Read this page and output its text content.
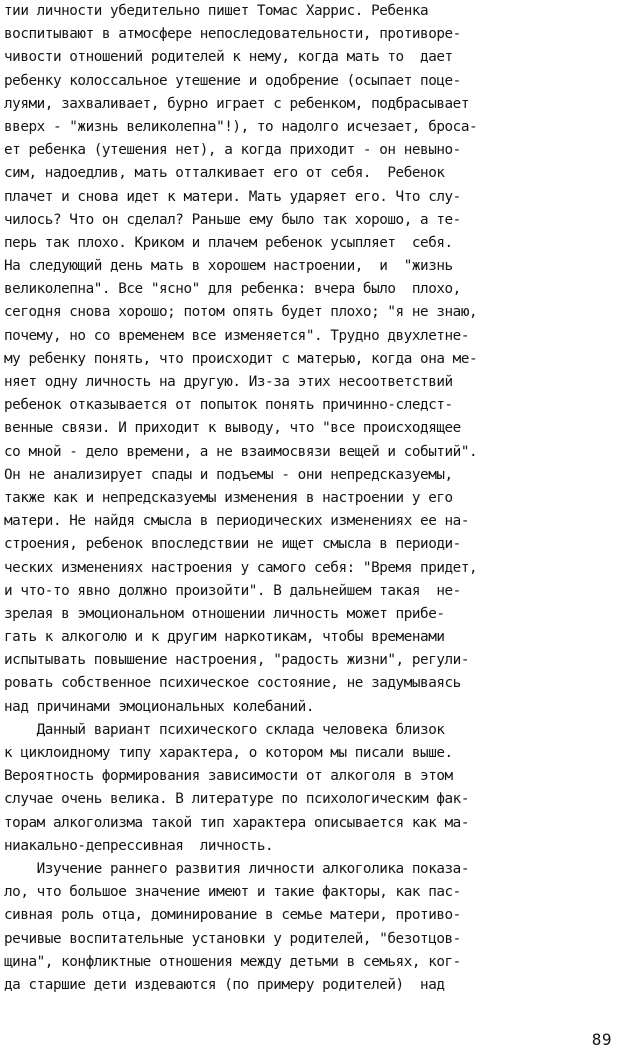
тии личности убедительно пишет Томас Харрис. Ребенка
воспитывают в атмосфере непоследовательности, противоре-
чивости отношений родителей к нему, когда мать то  дает
ребенку колоссальное утешение и одобрение (осыпает поце-
луями, захваливает, бурно играет с ребенком, подбрасывает
вверх - "жизнь великолепна"!), то надолго исчезает, броса-
ет ребенка (утешения нет), а когда приходит - он невыно-
сим, надоедлив, мать отталкивает его от себя.  Ребенок
плачет и снова идет к матери. Мать ударяет его. Что слу-
чилось? Что он сделал? Раньше ему было так хорошо, а те-
перь так плохо. Криком и плачем ребенок усыпляет  себя.
На следующий день мать в хорошем настроении,  и  "жизнь
великолепна". Все "ясно" для ребенка: вчера было  плохо,
сегодня снова хорошо; потом опять будет плохо; "я не знаю,
почему, но со временем все изменяется". Трудно двухлетне-
му ребенку понять, что происходит с матерью, когда она ме-
няет одну личность на другую. Из-за этих несоответствий
ребенок отказывается от попыток понять причинно-следст-
венные связи. И приходит к выводу, что "все происходящее
со мной - дело времени, а не взаимосвязи вещей и событий".
Он не анализирует спады и подъемы - они непредсказуемы,
также как и непредсказуемы изменения в настроении у его
матери. Не найдя смысла в периодических изменениях ее на-
строения, ребенок впоследствии не ищет смысла в периоди-
ческих изменениях настроения у самого себя: "Время придет,
и что-то явно должно произойти". В дальнейшем такая  не-
зрелая в эмоциональном отношении личность может прибе-
гать к алкоголю и к другим наркотикам, чтобы временами
испытывать повышение настроения, "радость жизни", регули-
ровать собственное психическое состояние, не задумываясь
над причинами эмоциональных колебаний.
Данный вариант психического склада человека близок
к циклоидному типу характера, о котором мы писали выше.
Вероятность формирования зависимости от алкоголя в этом
случае очень велика. В литературе по психологическим фак-
торам алкоголизма такой тип характера описывается как ма-
ниакально-депрессивная  личность.
Изучение раннего развития личности алкоголика показа-
ло, что большое значение имеют и такие факторы, как пас-
сивная роль отца, доминирование в семье матери, противо-
речивые воспитательные установки у родителей, "безотцов-
щина", конфликтные отношения между детьми в семьях, ког-
да старшие дети издеваются (по примеру родителей)  над
89
